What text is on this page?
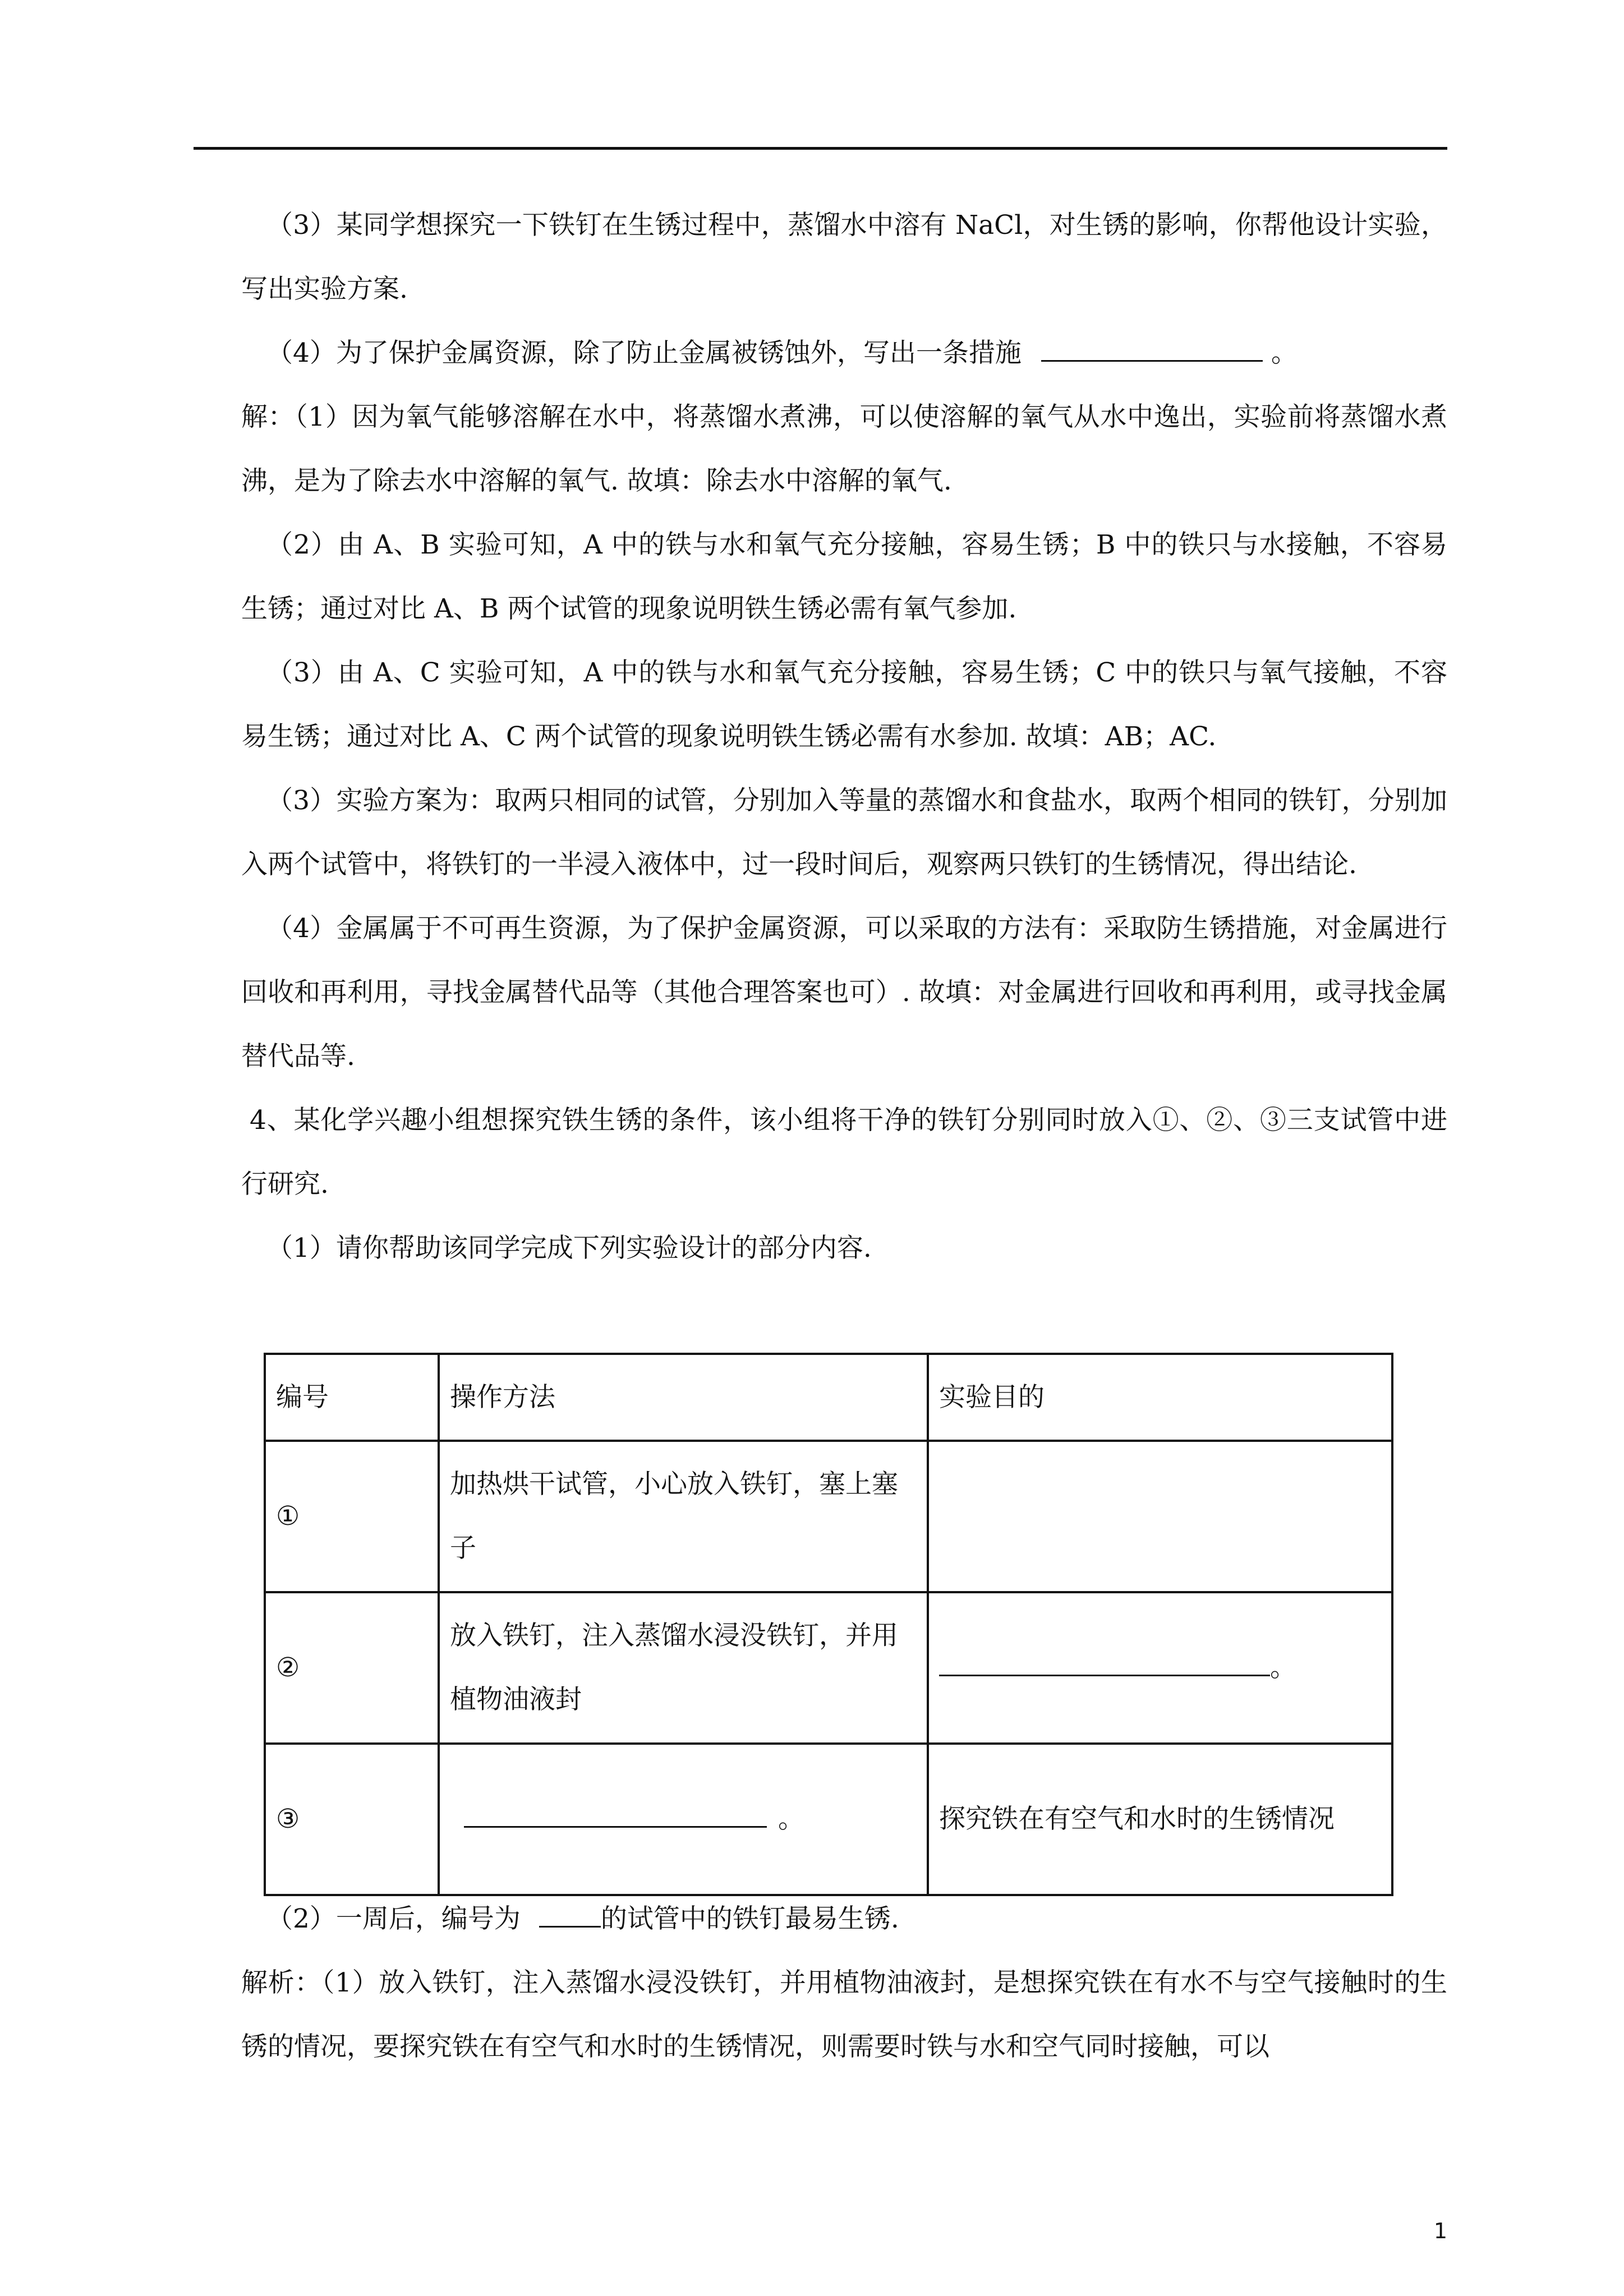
（3）某同学想探究一下铁钉在生锈过程中，蒸馏水中溶有 NaCl，对生锈的影响，你帮他设计实验，写出实验方案.

（4）为了保护金属资源，除了防止金属被锈蚀外，写出一条措施	。

解：（1）因为氧气能够溶解在水中，将蒸馏水煮沸，可以使溶解的氧气从水中逸出，实验前将蒸馏水煮沸，是为了除去水中溶解的氧气. 故填：除去水中溶解的氧气.

（2）由 A、B 实验可知，A 中的铁与水和氧气充分接触，容易生锈；B 中的铁只与水接触，不容易生锈；通过对比 A、B 两个试管的现象说明铁生锈必需有氧气参加.

（3）由 A、C 实验可知，A 中的铁与水和氧气充分接触，容易生锈；C 中的铁只与氧气接触，不容易生锈；通过对比 A、C 两个试管的现象说明铁生锈必需有水参加. 故填：AB；AC.

（3）实验方案为：取两只相同的试管，分别加入等量的蒸馏水和食盐水，取两个相同的铁钉，分别加入两个试管中，将铁钉的一半浸入液体中，过一段时间后，观察两只铁钉的生锈情况，得出结论.

（4）金属属于不可再生资源，为了保护金属资源，可以采取的方法有：采取防生锈措施，对金属进行回收和再利用，寻找金属替代品等（其他合理答案也可）. 故填：对金属进行回收和再利用，或寻找金属替代品等.

4、某化学兴趣小组想探究铁生锈的条件，该小组将干净的铁钉分别同时放入①、②、③三支试管中进行研究.

（1）请你帮助该同学完成下列实验设计的部分内容.

编号	操作方法	实验目的
①	加热烘干试管，小心放入铁钉，塞上塞子	
②	放入铁钉，注入蒸馏水浸没铁钉，并用植物油液封	。
③	。	探究铁在有空气和水时的生锈情况

（2）一周后，编号为	的试管中的铁钉最易生锈.

解析：（1）放入铁钉，注入蒸馏水浸没铁钉，并用植物油液封，是想探究铁在有水不与空气接触时的生锈的情况，要探究铁在有空气和水时的生锈情况，则需要时铁与水和空气同时接触，可以

1
